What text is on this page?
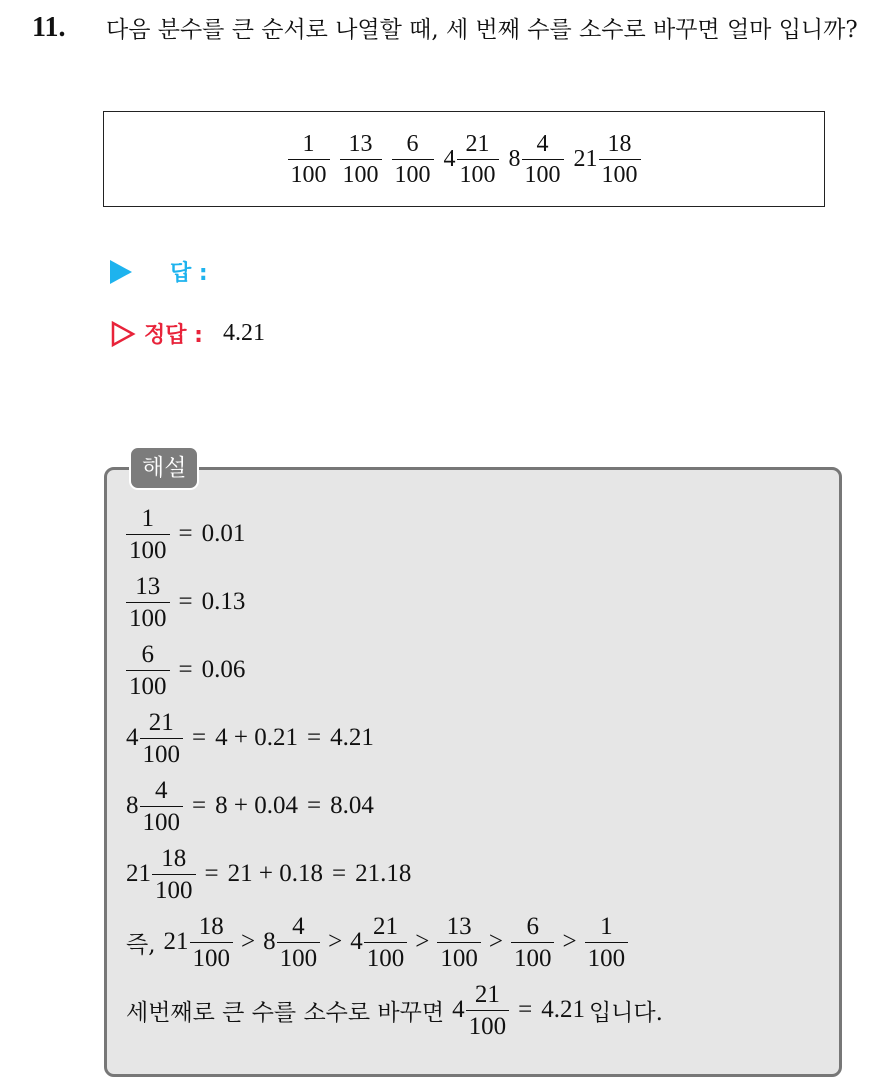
11. 다음 분수를 큰 순서로 나열할 때, 세 번째 수를 소수로 바꾸면 얼마 입니까?
$\frac{1}{100} \frac{13}{100} \frac{6}{100} 4 \frac{21}{100} 8 \frac{4}{100} 21 \frac{18}{100}$
답 :
정답 : 4.21
해설
$\frac{1}{100} = 0.01$
$\frac{13}{100} = 0.13$
$\frac{6}{100} = 0.06$
$4 \frac{21}{100} = 4 + 0.21 = 4.21$
$8 \frac{4}{100} = 8 + 0.04 = 8.04$
$21 \frac{18}{100} = 21 + 0.18 = 21.18$
즉, $21 \frac{18}{100} > 8 \frac{4}{100} > 4 \frac{21}{100} > \frac{13}{100} > \frac{6}{100} > \frac{1}{100}$
세번째로 큰 수를 소수로 바꾸면 $4 \frac{21}{100} = 4.21$ 입니다.
